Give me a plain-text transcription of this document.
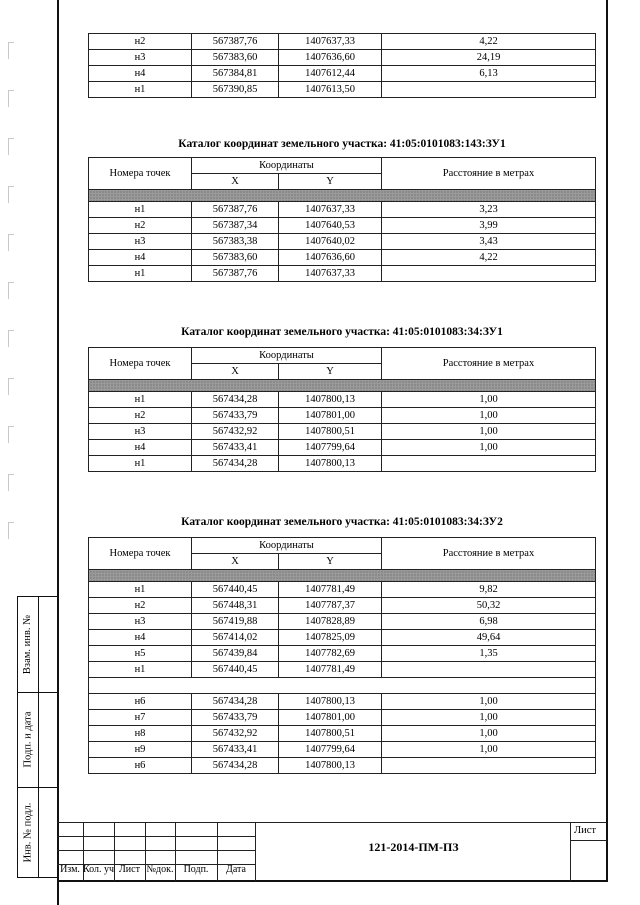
н2	567387,76	1407637,33	4,22
н3	567383,60	1407636,60	24,19
н4	567384,81	1407612,44	6,13
н1	567390,85	1407613,50	
Каталог координат земельного участка: 41:05:0101083:143:ЗУ1
Номера точек	Координаты		Расстояние в метрах
	X	Y	

н1	567387,76	1407637,33	3,23
н2	567387,34	1407640,53	3,99
н3	567383,38	1407640,02	3,43
н4	567383,60	1407636,60	4,22
н1	567387,76	1407637,33	
Каталог координат земельного участка: 41:05:0101083:34:ЗУ1
Номера точек	Координаты		Расстояние в метрах
	X	Y	

н1	567434,28	1407800,13	1,00
н2	567433,79	1407801,00	1,00
н3	567432,92	1407800,51	1,00
н4	567433,41	1407799,64	1,00
н1	567434,28	1407800,13	
Каталог координат земельного участка: 41:05:0101083:34:ЗУ2
Номера точек	Координаты		Расстояние в метрах
	X	Y	

н1	567440,45	1407781,49	9,82
н2	567448,31	1407787,37	50,32
н3	567419,88	1407828,89	6,98
н4	567414,02	1407825,09	49,64
н5	567439,84	1407782,69	1,35
н1	567440,45	1407781,49	

н6	567434,28	1407800,13	1,00
н7	567433,79	1407801,00	1,00
н8	567432,92	1407800,51	1,00
н9	567433,41	1407799,64	1,00
н6	567434,28	1407800,13	
Взам. инв. №
Подп. и дата
Инв. № подл.
Изм. Кол. уч Лист №док.	Подп.	Дата
121-2014-ПМ-ПЗ
Лист
